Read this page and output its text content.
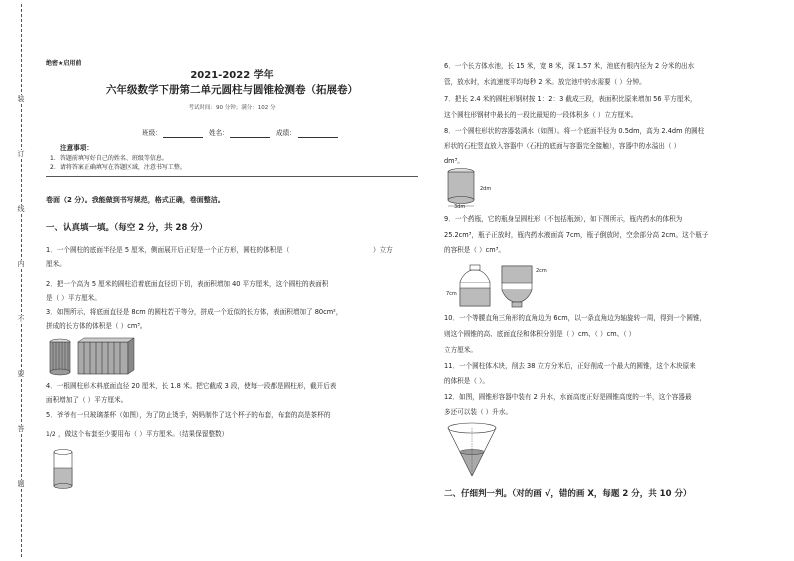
装
订
线
内
不
要
答
题
绝密★启用前
2021-2022 学年
六年级数学下册第二单元圆柱与圆锥检测卷（拓展卷）
考试时间：90 分钟；满分：102 分
班级：	姓名：	成绩：
注意事项：
1．答题前填写好自己的姓名、班级等信息。
2．请将答案正确填写在答题区域，注意书写工整。
卷面（2 分）。我能做到书写规范，格式正确，卷面整洁。
一、认真填一填。（每空 2 分，共 28 分）
1．一个圆柱的底面半径是 5 厘米，侧面展开后正好是一个正方形，圆柱的体积是（	）立方
厘米。
2．把一个高为 5 厘米的圆柱沿着底面直径切下切，表面积增加 40 平方厘米，这个圆柱的表面积
是（ ）平方厘米。
3．如图所示，将底面直径是 8cm 的圆柱若干等分，拼成一个近似的长方体，表面积增加了 80cm²，
拼成的长方体的体积是（ ）cm³。
4．一根圆柱形木料底面直径 20 厘米，长 1.8 米。把它截成 3 段，使每一段都是圆柱形，截开后表
面积增加了（ ）平方厘米。
5．爷爷有一只玻璃茶杯（如图），为了防止烫手，妈妈制作了这个杯子的布套，布套的高是茶杯的
1/2 ，做这个布套至少要用布（ ）平方厘米。（结果保留整数）
6．一个长方体水池，长 15 米，宽 8 米，深 1.57 米，池底有根内径为 2 分米的出水
管，放水时，水流速度平均每秒 2 米。放完池中的水需要（ ）分钟。
7．把长 2.4 米的圆柱形钢材按 1：2：3 截成三段，表面积比原来增加 56 平方厘米，
这个圆柱形钢材中最长的一段比最短的一段体积多（ ）立方厘米。
8．一个圆柱形状的容器装满水（如图）。将一个底面半径为 0.5dm，高为 2.4dm 的圆柱
形状的石柱竖直放入容器中（石柱的底面与容器完全接触），容器中的水溢出（ ）
dm³。
2dm
3dm
9．一个药瓶，它的瓶身呈圆柱形（不包括瓶颈），如下图所示，瓶内药水的体积为
25.2cm³，瓶子正放时，瓶内药水液面高 7cm，瓶子倒放时，空余部分高 2cm。这个瓶子
的容积是（ ）cm³。
7cm
2cm
10．一个等腰直角三角形的直角边为 6cm，以一条直角边为轴旋转一周，得到一个圆锥，
则这个圆锥的高、底面直径和体积分别是（ ）cm、（ ）cm、（ ）
立方厘米。
11．一个圆柱体木块，削去 38 立方分米后，正好削成一个最大的圆锥，这个木块原来
的体积是（ ）。
12．如图，圆锥形容器中装有 2 升水，水面高度正好是圆锥高度的一半，这个容器最
多还可以装（ ）升水。
二、仔细判一判。（对的画 √，错的画 X，每题 2 分，共 10 分）
